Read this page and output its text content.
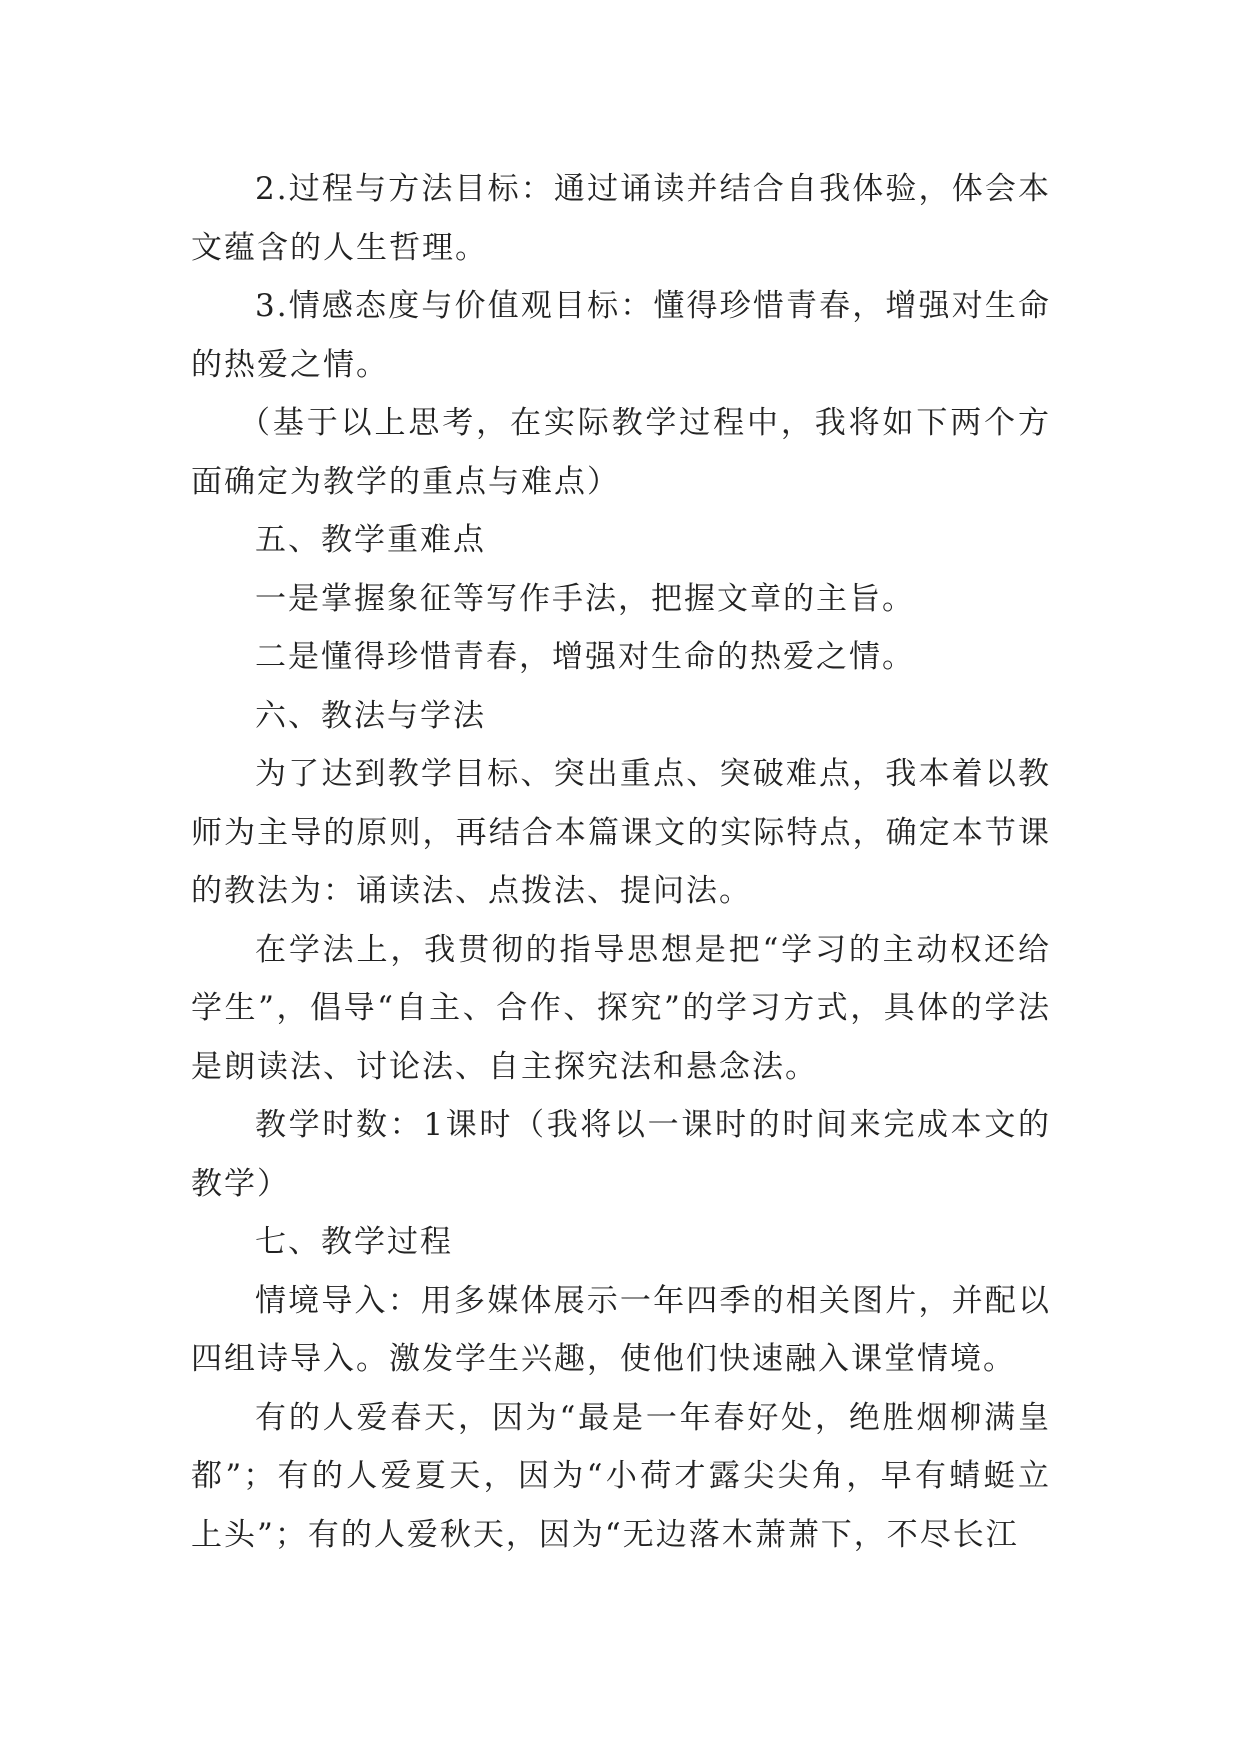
2.过程与方法目标：通过诵读并结合自我体验，体会本文蕴含的人生哲理。

3.情感态度与价值观目标：懂得珍惜青春，增强对生命的热爱之情。

（基于以上思考，在实际教学过程中，我将如下两个方面确定为教学的重点与难点）

五、教学重难点

一是掌握象征等写作手法，把握文章的主旨。

二是懂得珍惜青春，增强对生命的热爱之情。

六、教法与学法

为了达到教学目标、突出重点、突破难点，我本着以教师为主导的原则，再结合本篇课文的实际特点，确定本节课的教法为：诵读法、点拨法、提问法。

在学法上，我贯彻的指导思想是把“学习的主动权还给学生”，倡导“自主、合作、探究”的学习方式，具体的学法是朗读法、讨论法、自主探究法和悬念法。

教学时数：1课时（我将以一课时的时间来完成本文的教学）

七、教学过程

情境导入：用多媒体展示一年四季的相关图片，并配以四组诗导入。激发学生兴趣，使他们快速融入课堂情境。

有的人爱春天，因为“最是一年春好处，绝胜烟柳满皇都”；有的人爱夏天，因为“小荷才露尖尖角，早有蜻蜓立上头”；有的人爱秋天，因为“无边落木萧萧下，不尽长江
